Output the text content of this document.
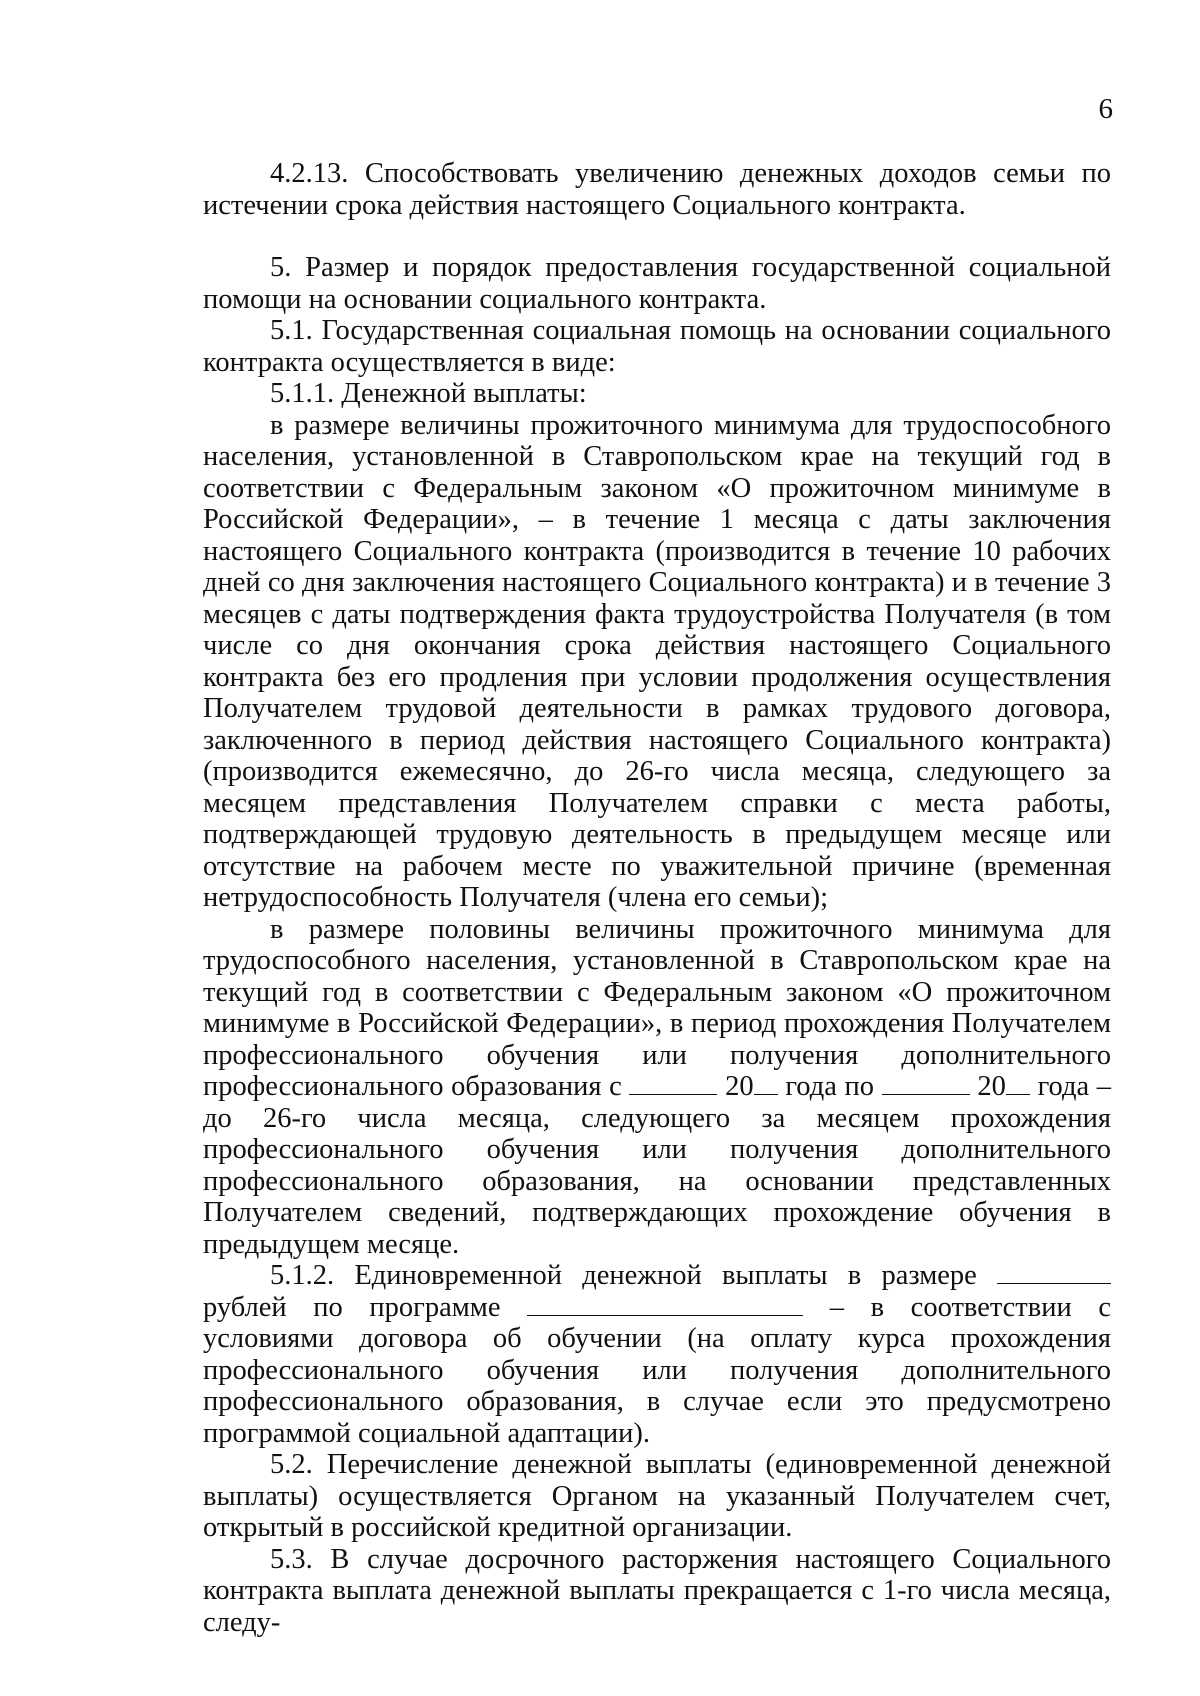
6

4.2.13. Способствовать увеличению денежных доходов семьи по истечении срока действия настоящего Социального контракта.

5. Размер и порядок предоставления государственной социальной помощи на основании социального контракта.

5.1. Государственная социальная помощь на основании социального контракта осуществляется в виде:

5.1.1. Денежной выплаты:

в размере величины прожиточного минимума для трудоспособного населения, установленной в Ставропольском крае на текущий год в соответствии с Федеральным законом «О прожиточном минимуме в Российской Федерации», – в течение 1 месяца с даты заключения настоящего Социального контракта (производится в течение 10 рабочих дней со дня заключения настоящего Социального контракта) и в течение 3 месяцев с даты подтверждения факта трудоустройства Получателя (в том числе со дня окончания срока действия настоящего Социального контракта без его продления при условии продолжения осуществления Получателем трудовой деятельности в рамках трудового договора, заключенного в период действия настоящего Социального контракта) (производится ежемесячно, до 26-го числа месяца, следующего за месяцем представления Получателем справки с места работы, подтверждающей трудовую деятельность в предыдущем месяце или отсутствие на рабочем месте по уважительной причине (временная нетрудоспособность Получателя (члена его семьи);

в размере половины величины прожиточного минимума для трудоспособного населения, установленной в Ставропольском крае на текущий год в соответствии с Федеральным законом «О прожиточном минимуме в Российской Федерации», в период прохождения Получателем профессионального обучения или получения дополнительного профессионального образования с	20 года по	20 года – до 26-го числа месяца, следующего за месяцем прохождения профессионального обучения или получения дополнительного профессионального образования, на основании представленных Получателем сведений, подтверждающих прохождение обучения в предыдущем месяце.

5.1.2. Единовременной денежной выплаты в размере  рублей по программе	– в соответствии с условиями договора об обучении (на оплату курса прохождения профессионального обучения или получения дополнительного профессионального образования, в случае если это предусмотрено программой социальной адаптации).

5.2. Перечисление денежной выплаты (единовременной денежной выплаты) осуществляется Органом на указанный Получателем счет, открытый в российской кредитной организации.

5.3. В случае досрочного расторжения настоящего Социального контракта выплата денежной выплаты прекращается с 1-го числа месяца, следу-
